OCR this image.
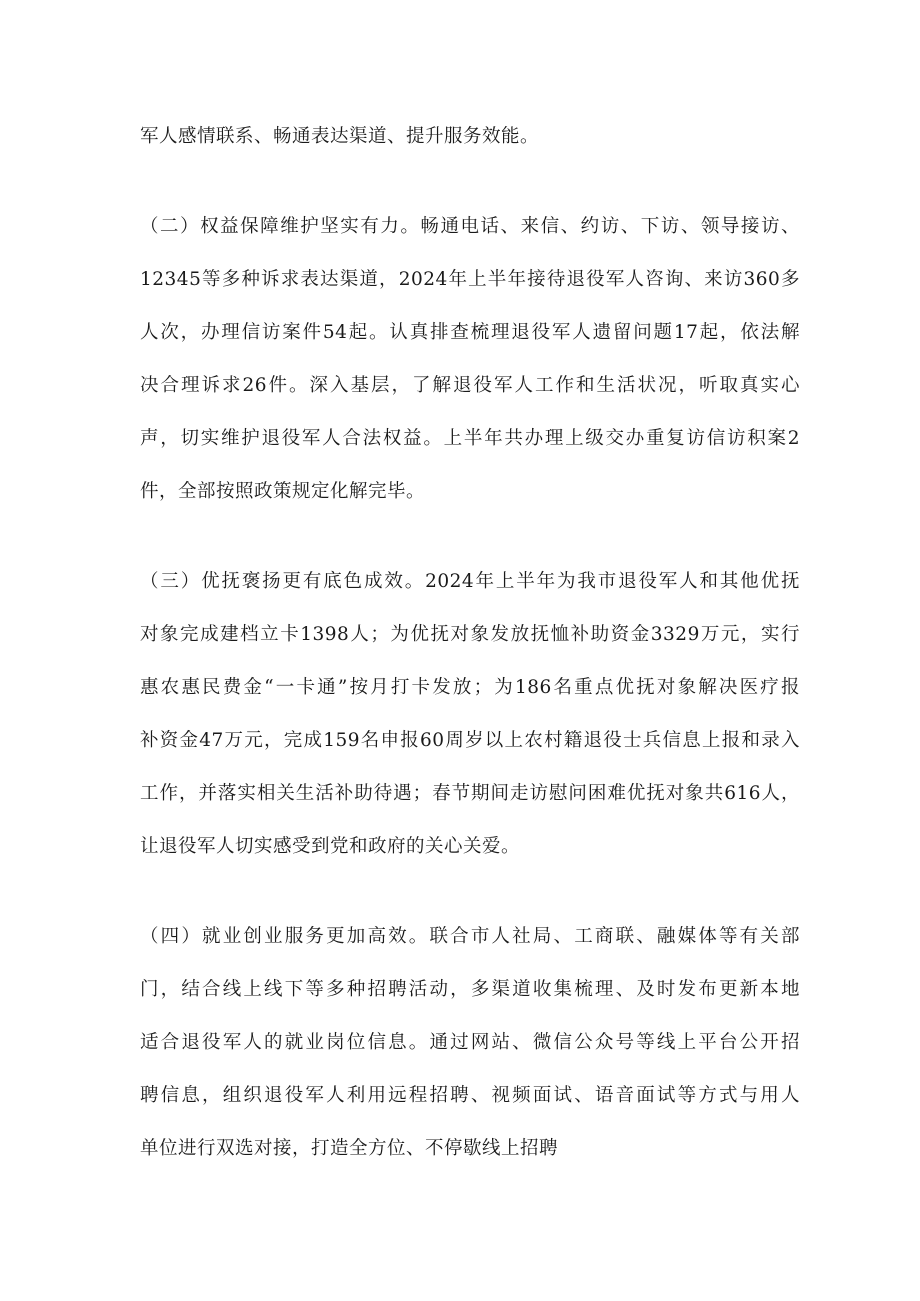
军人感情联系、畅通表达渠道、提升服务效能。
（二）权益保障维护坚实有力。畅通电话、来信、约访、下访、领导接访、
12345等多种诉求表达渠道，2024年上半年接待退役军人咨询、来访360多
人次，办理信访案件54起。认真排查梳理退役军人遗留问题17起，依法解
决合理诉求26件。深入基层，了解退役军人工作和生活状况，听取真实心
声，切实维护退役军人合法权益。上半年共办理上级交办重复访信访积案2
件，全部按照政策规定化解完毕。
（三）优抚褒扬更有底色成效。2024年上半年为我市退役军人和其他优抚
对象完成建档立卡1398人；为优抚对象发放抚恤补助资金3329万元，实行
惠农惠民费金“一卡通”按月打卡发放；为186名重点优抚对象解决医疗报
补资金47万元，完成159名申报60周岁以上农村籍退役士兵信息上报和录入
工作，并落实相关生活补助待遇；春节期间走访慰问困难优抚对象共616人，
让退役军人切实感受到党和政府的关心关爱。
（四）就业创业服务更加高效。联合市人社局、工商联、融媒体等有关部
门，结合线上线下等多种招聘活动，多渠道收集梳理、及时发布更新本地
适合退役军人的就业岗位信息。通过网站、微信公众号等线上平台公开招
聘信息，组织退役军人利用远程招聘、视频面试、语音面试等方式与用人
单位进行双选对接，打造全方位、不停歇线上招聘
